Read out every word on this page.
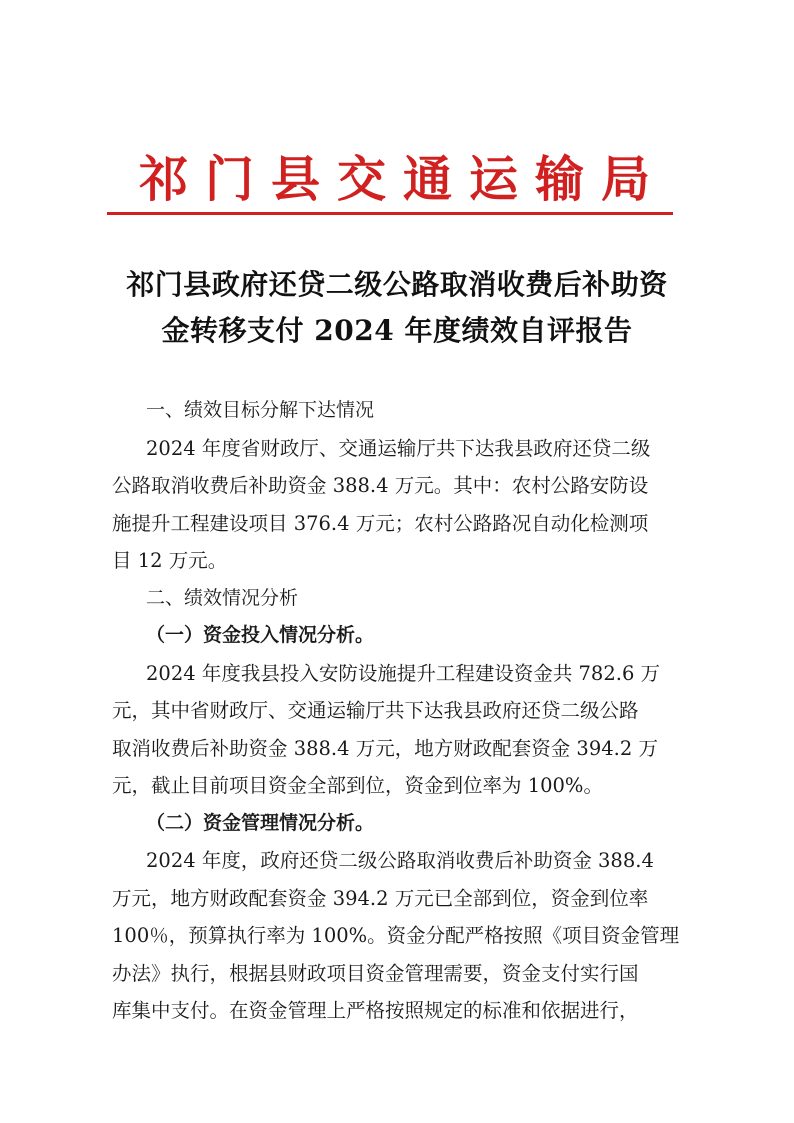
祁门县交通运输局
祁门县政府还贷二级公路取消收费后补助资
金转移支付 2024 年度绩效自评报告
一、绩效目标分解下达情况
2024 年度省财政厅、交通运输厅共下达我县政府还贷二级
公路取消收费后补助资金 388.4 万元。其中：农村公路安防设
施提升工程建设项目 376.4 万元；农村公路路况自动化检测项
目 12 万元。
二、绩效情况分析
（一）资金投入情况分析。
2024 年度我县投入安防设施提升工程建设资金共 782.6 万
元，其中省财政厅、交通运输厅共下达我县政府还贷二级公路
取消收费后补助资金 388.4 万元，地方财政配套资金 394.2 万
元，截止目前项目资金全部到位，资金到位率为 100%。
（二）资金管理情况分析。
2024 年度，政府还贷二级公路取消收费后补助资金 388.4
万元，地方财政配套资金 394.2 万元已全部到位，资金到位率
100％，预算执行率为 100%。资金分配严格按照《项目资金管理
办法》执行，根据县财政项目资金管理需要，资金支付实行国
库集中支付。在资金管理上严格按照规定的标准和依据进行，
